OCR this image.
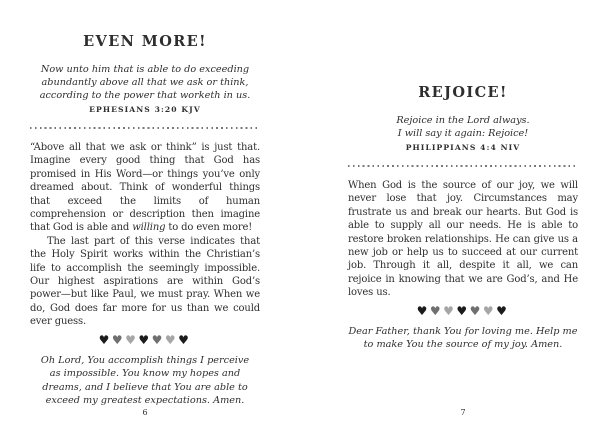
EVEN MORE!
Now unto him that is able to do exceeding
abundantly above all that we ask or think,
according to the power that worketh in us.
EPHESIANS 3:20 KJV

“Above all that we ask or think” is just that. Imagine every good thing that God has promised in His Word—or things you’ve only dreamed about. Think of wonderful things that exceed the limits of human comprehension or description then imagine that God is able and willing to do even more!

The last part of this verse indicates that the Holy Spirit works within the Christian’s life to accomplish the seemingly impossible. Our highest aspirations are within God’s power—but like Paul, we must pray. When we do, God does far more for us than we could ever guess.

♥♥♥♥♥♥♥
Oh Lord, You accomplish things I perceive
as impossible. You know my hopes and
dreams, and I believe that You are able to
exceed my greatest expectations. Amen.
6
REJOICE!
Rejoice in the Lord always.
I will say it again: Rejoice!
PHILIPPIANS 4:4 NIV

When God is the source of our joy, we will never lose that joy. Circumstances may frustrate us and break our hearts. But God is able to supply all our needs. He is able to restore broken relationships. He can give us a new job or help us to succeed at our current job. Through it all, despite it all, we can rejoice in knowing that we are God’s, and He loves us.

♥♥♥♥♥♥♥
Dear Father, thank You for loving me. Help me
to make You the source of my joy. Amen.
7
